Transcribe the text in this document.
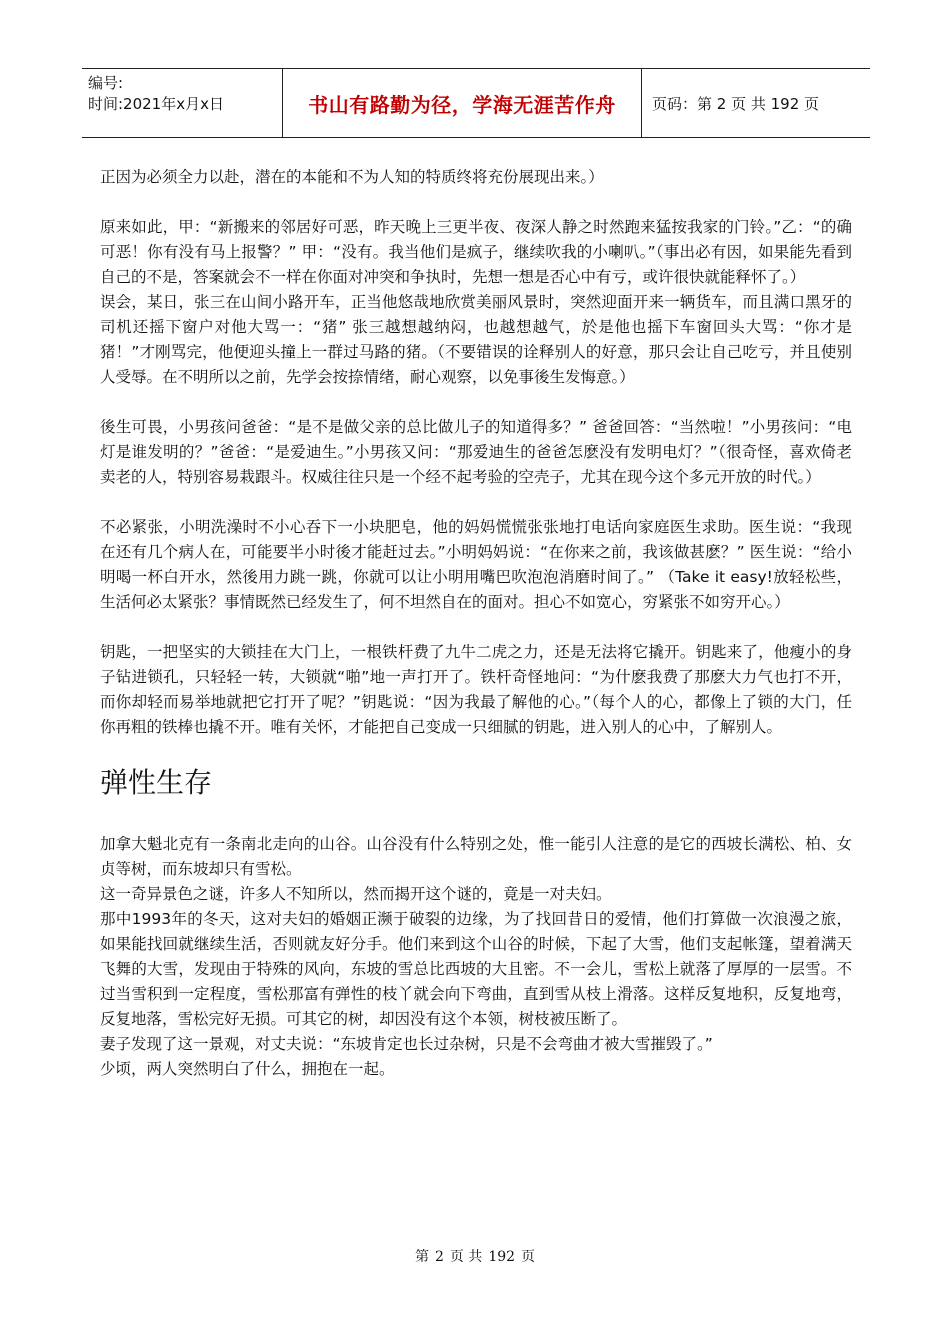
编号:
时间:2021年x月x日	书山有路勤为径，学海无涯苦作舟	页码：第 2 页 共 192 页

正因为必须全力以赴，潜在的本能和不为人知的特质终将充份展现出来。）

原来如此，甲：“新搬来的邻居好可恶，昨天晚上三更半夜、夜深人静之时然跑来猛按我家的门铃。”乙：“的确可恶！你有没有马上报警？” 甲：“没有。我当他们是疯子，继续吹我的小喇叭。”（事出必有因，如果能先看到自己的不是，答案就会不一样在你面对冲突和争执时，先想一想是否心中有亏，或许很快就能释怀了。）

误会，某日，张三在山间小路开车，正当他悠哉地欣赏美丽风景时，突然迎面开来一辆货车，而且满口黑牙的司机还摇下窗户对他大骂一：“猪” 张三越想越纳闷，也越想越气，於是他也摇下车窗回头大骂：“你才是猪！”才刚骂完，他便迎头撞上一群过马路的猪。（不要错误的诠释别人的好意，那只会让自己吃亏，并且使别人受辱。在不明所以之前，先学会按捺情绪，耐心观察，以免事後生发悔意。）

後生可畏，小男孩问爸爸：“是不是做父亲的总比做儿子的知道得多？” 爸爸回答：“当然啦！”小男孩问：“电灯是谁发明的？”爸爸：“是爱迪生。”小男孩又问：“那爱迪生的爸爸怎麽没有发明电灯？”（很奇怪，喜欢倚老卖老的人，特别容易栽跟斗。权威往往只是一个经不起考验的空壳子，尤其在现今这个多元开放的时代。）

不必紧张，小明洗澡时不小心吞下一小块肥皂，他的妈妈慌慌张张地打电话向家庭医生求助。医生说：“我现在还有几个病人在，可能要半小时後才能赶过去。”小明妈妈说：“在你来之前，我该做甚麽？” 医生说：“给小明喝一杯白开水，然後用力跳一跳，你就可以让小明用嘴巴吹泡泡消磨时间了。” （Take it easy!放轻松些，生活何必太紧张？事情既然已经发生了，何不坦然自在的面对。担心不如宽心，穷紧张不如穷开心。）

钥匙，一把坚实的大锁挂在大门上，一根铁杆费了九牛二虎之力，还是无法将它撬开。钥匙来了，他瘦小的身子钻进锁孔，只轻轻一转，大锁就“啪”地一声打开了。铁杆奇怪地问：“为什麽我费了那麽大力气也打不开，而你却轻而易举地就把它打开了呢？”钥匙说：“因为我最了解他的心。”（每个人的心，都像上了锁的大门，任你再粗的铁棒也撬不开。唯有关怀，才能把自己变成一只细腻的钥匙，进入别人的心中，了解别人。

弹性生存

加拿大魁北克有一条南北走向的山谷。山谷没有什么特别之处，惟一能引人注意的是它的西坡长满松、柏、女贞等树，而东坡却只有雪松。

这一奇异景色之谜，许多人不知所以，然而揭开这个谜的，竟是一对夫妇。

那中1993年的冬天，这对夫妇的婚姻正濒于破裂的边缘，为了找回昔日的爱情，他们打算做一次浪漫之旅，如果能找回就继续生活，否则就友好分手。他们来到这个山谷的时候，下起了大雪，他们支起帐篷，望着满天飞舞的大雪，发现由于特殊的风向，东坡的雪总比西坡的大且密。不一会儿，雪松上就落了厚厚的一层雪。不过当雪积到一定程度，雪松那富有弹性的枝丫就会向下弯曲，直到雪从枝上滑落。这样反复地积，反复地弯，反复地落，雪松完好无损。可其它的树，却因没有这个本领，树枝被压断了。

妻子发现了这一景观，对丈夫说：“东坡肯定也长过杂树，只是不会弯曲才被大雪摧毁了。”

少顷，两人突然明白了什么，拥抱在一起。

第 2 页 共 192 页
